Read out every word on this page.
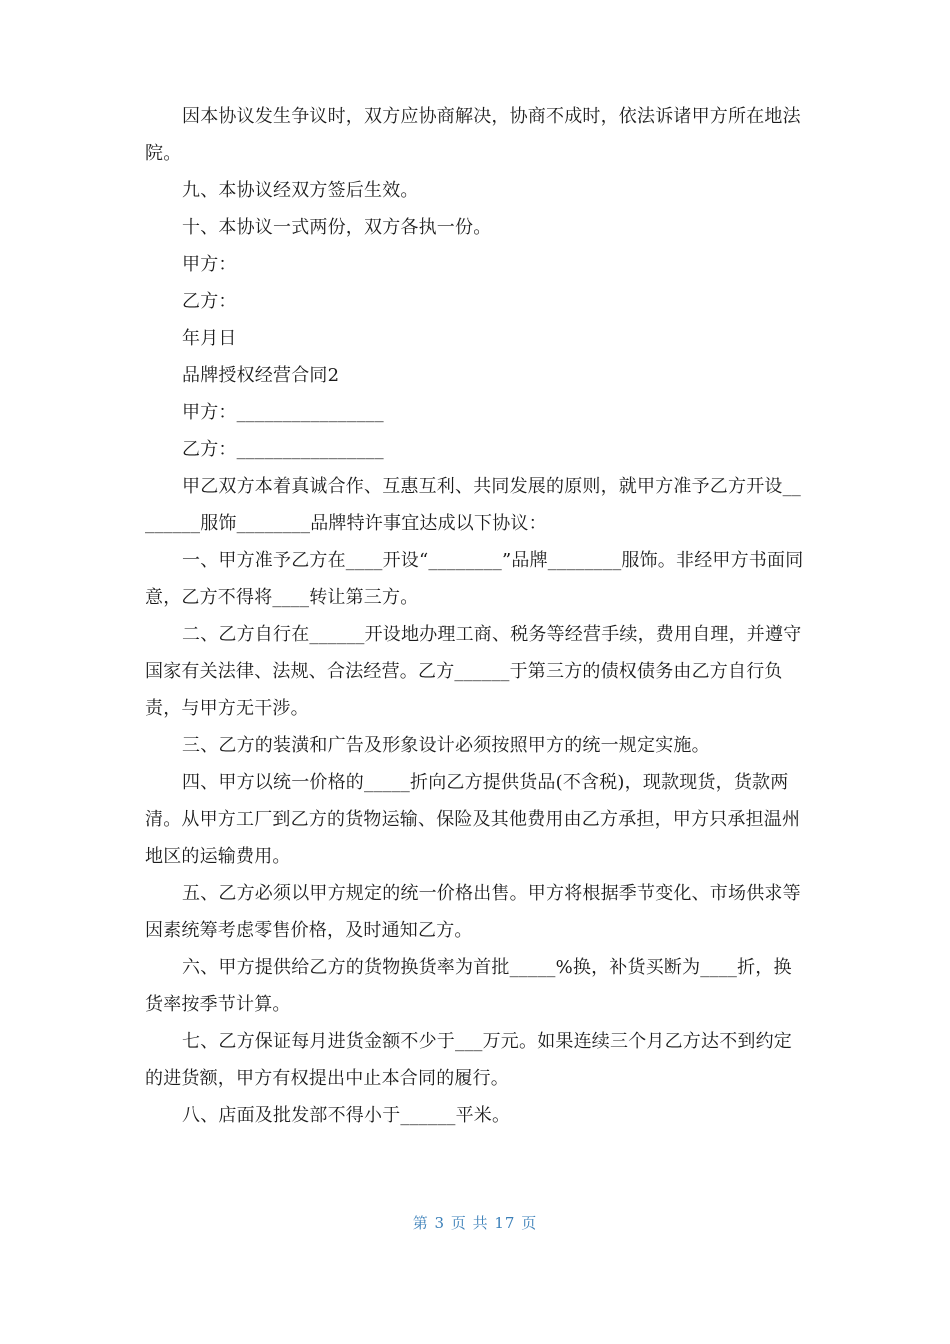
因本协议发生争议时，双方应协商解决，协商不成时，依法诉诸甲方所在地法院。

九、本协议经双方签后生效。

十、本协议一式两份，双方各执一份。

甲方：

乙方：

年月日

品牌授权经营合同2

甲方：________________

乙方：________________

甲乙双方本着真诚合作、互惠互利、共同发展的原则，就甲方准予乙方开设________服饰________品牌特许事宜达成以下协议：

一、甲方准予乙方在____开设“________”品牌________服饰。非经甲方书面同意，乙方不得将____转让第三方。

二、乙方自行在______开设地办理工商、税务等经营手续，费用自理，并遵守国家有关法律、法规、合法经营。乙方______于第三方的债权债务由乙方自行负责，与甲方无干涉。

三、乙方的装潢和广告及形象设计必须按照甲方的统一规定实施。

四、甲方以统一价格的_____折向乙方提供货品(不含税)，现款现货，货款两清。从甲方工厂到乙方的货物运输、保险及其他费用由乙方承担，甲方只承担温州地区的运输费用。

五、乙方必须以甲方规定的统一价格出售。甲方将根据季节变化、市场供求等因素统筹考虑零售价格，及时通知乙方。

六、甲方提供给乙方的货物换货率为首批_____%换，补货买断为____折，换货率按季节计算。

七、乙方保证每月进货金额不少于___万元。如果连续三个月乙方达不到约定的进货额，甲方有权提出中止本合同的履行。

八、店面及批发部不得小于______平米。

第 3 页 共 17 页
